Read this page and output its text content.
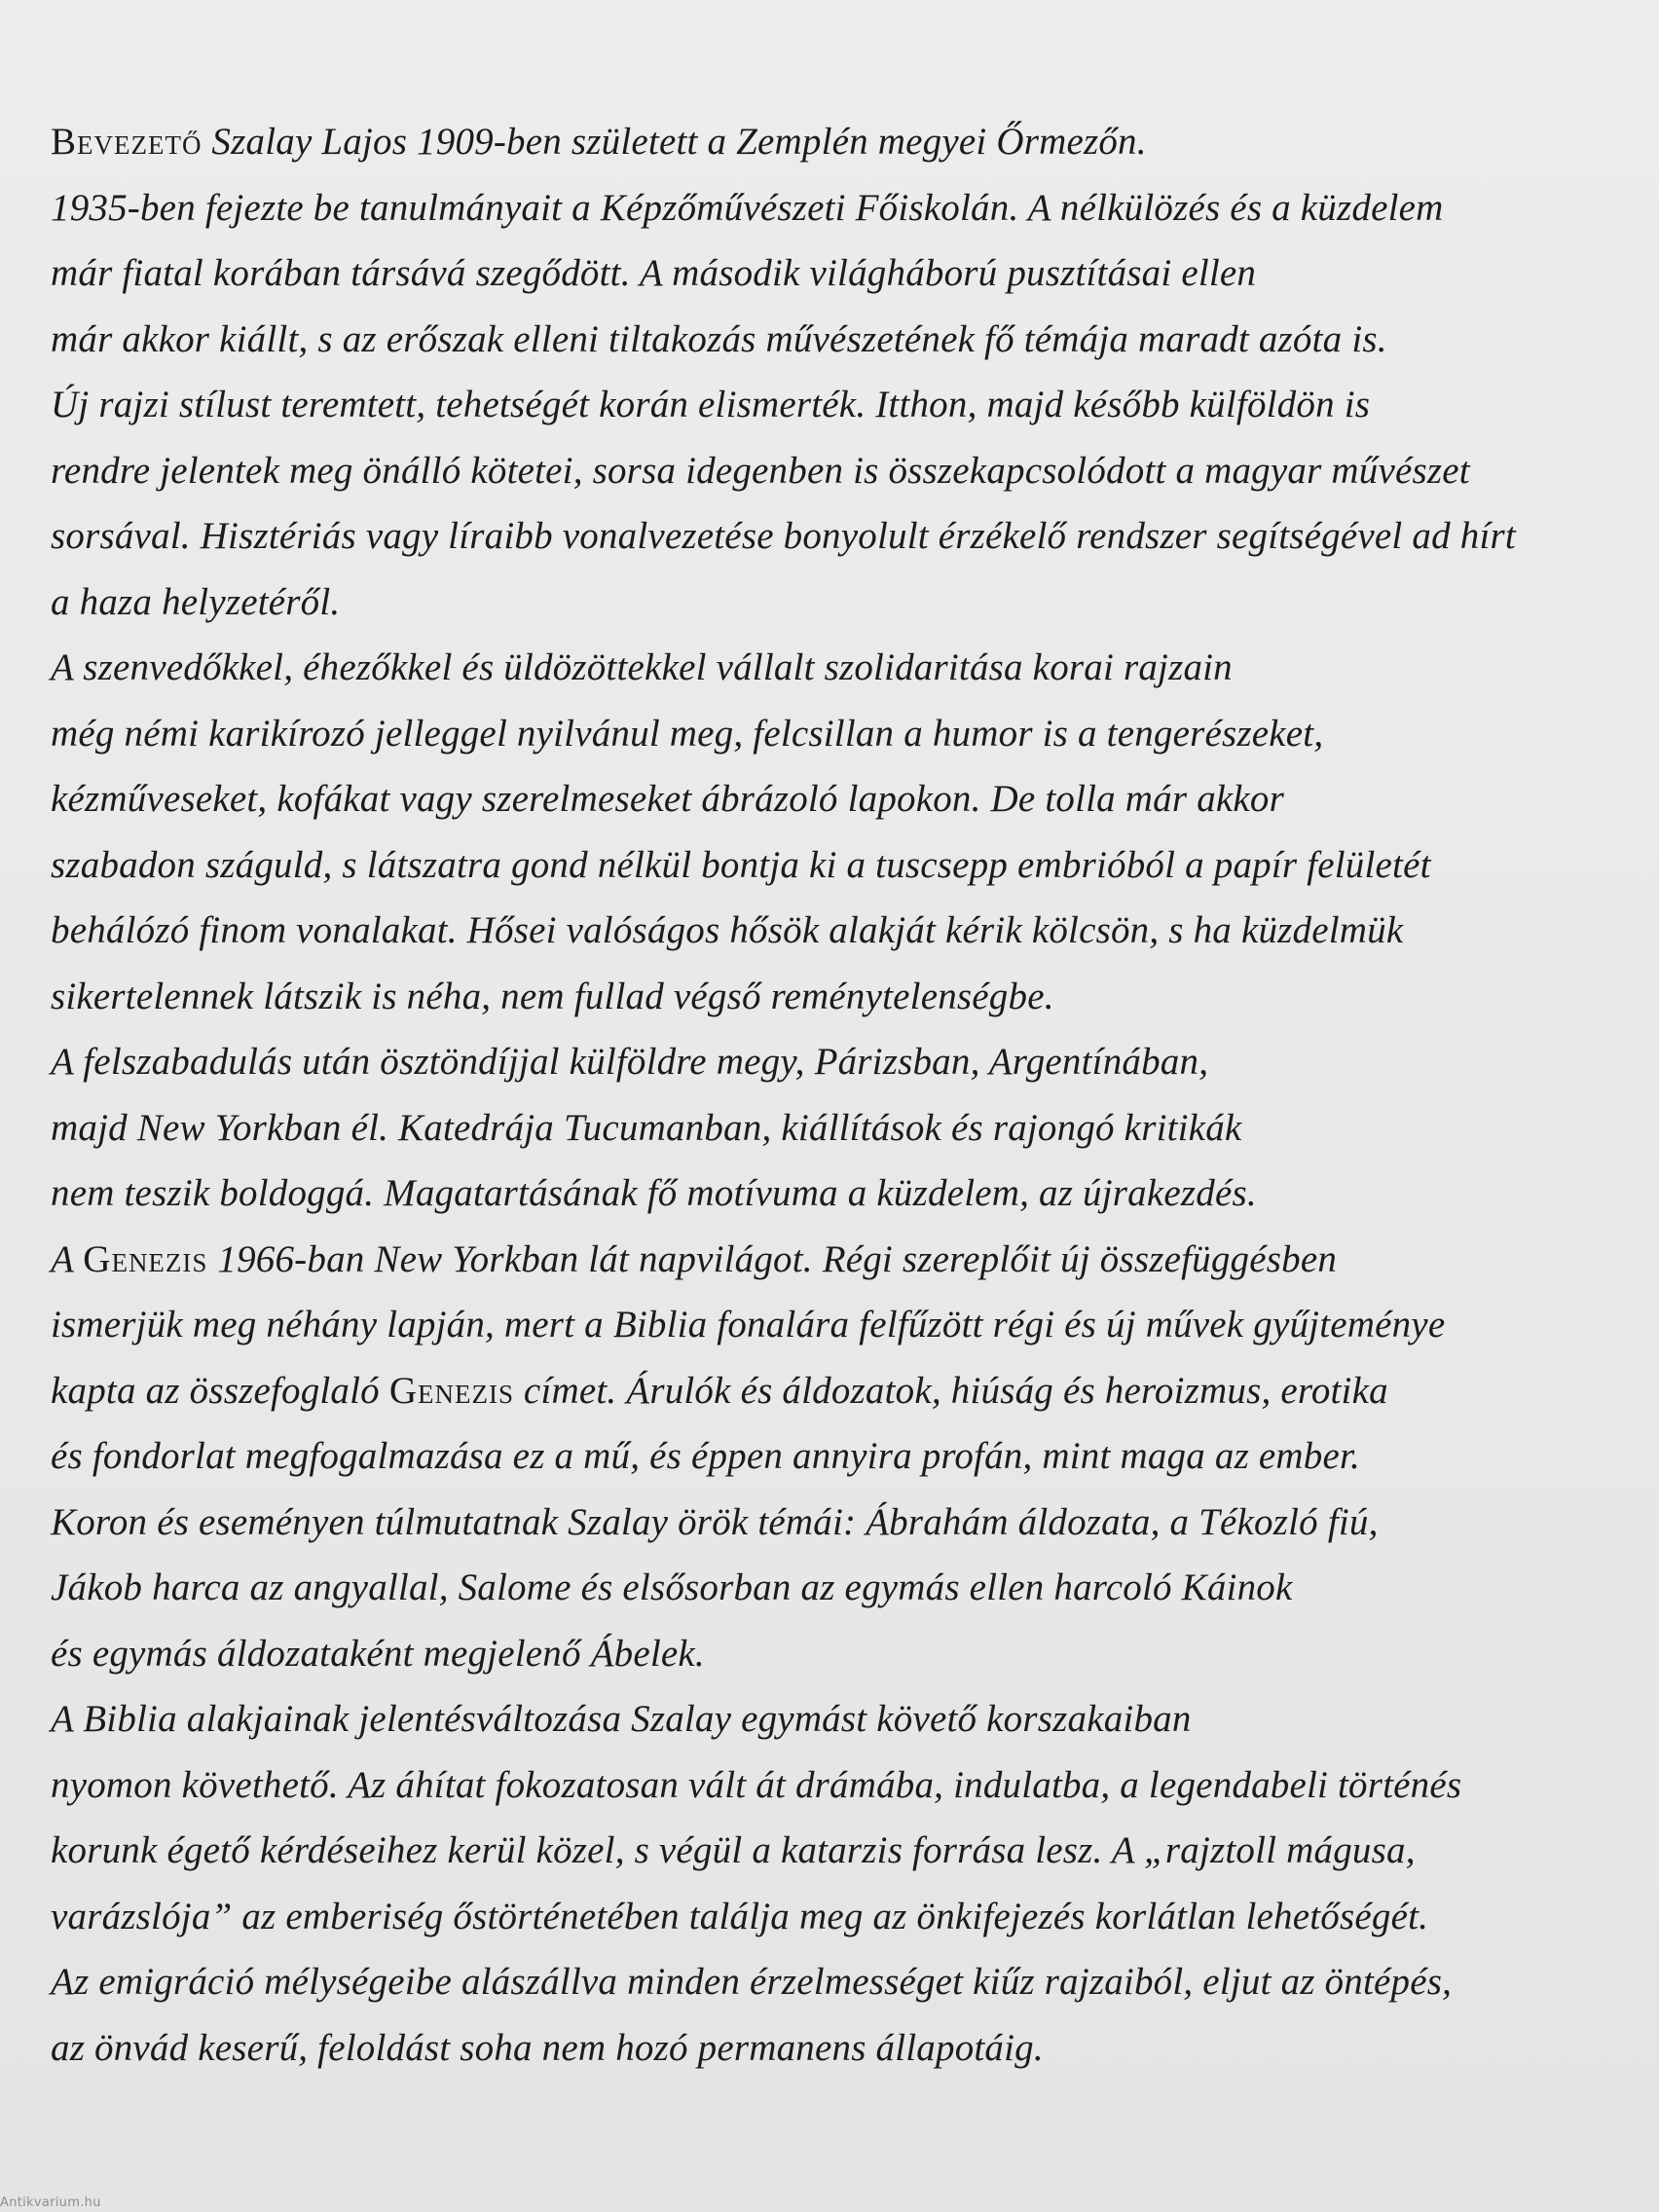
Bevezető Szalay Lajos 1909-ben született a Zemplén megyei Őrmezőn.
1935-ben fejezte be tanulmányait a Képzőművészeti Főiskolán. A nélkülözés és a küzdelem
már fiatal korában társává szegődött. A második világháború pusztításai ellen
már akkor kiállt, s az erőszak elleni tiltakozás művészetének fő témája maradt azóta is.
Új rajzi stílust teremtett, tehetségét korán elismerték. Itthon, majd később külföldön is
rendre jelentek meg önálló kötetei, sorsa idegenben is összekapcsolódott a magyar művészet
sorsával. Hisztériás vagy líraibb vonalvezetése bonyolult érzékelő rendszer segítségével ad hírt
a haza helyzetéről.
A szenvedőkkel, éhezőkkel és üldözöttekkel vállalt szolidaritása korai rajzain
még némi karikírozó jelleggel nyilvánul meg, felcsillan a humor is a tengerészeket,
kézműveseket, kofákat vagy szerelmeseket ábrázoló lapokon. De tolla már akkor
szabadon száguld, s látszatra gond nélkül bontja ki a tuscsepp embrióból a papír felületét
behálózó finom vonalakat. Hősei valóságos hősök alakját kérik kölcsön, s ha küzdelmük
sikertelennek látszik is néha, nem fullad végső reménytelenségbe.
A felszabadulás után ösztöndíjjal külföldre megy, Párizsban, Argentínában,
majd New Yorkban él. Katedrája Tucumanban, kiállítások és rajongó kritikák
nem teszik boldoggá. Magatartásának fő motívuma a küzdelem, az újrakezdés.
A Genezis 1966-ban New Yorkban lát napvilágot. Régi szereplőit új összefüggésben
ismerjük meg néhány lapján, mert a Biblia fonalára felfűzött régi és új művek gyűjteménye
kapta az összefoglaló Genezis címet. Árulók és áldozatok, hiúság és heroizmus, erotika
és fondorlat megfogalmazása ez a mű, és éppen annyira profán, mint maga az ember.
Koron és eseményen túlmutatnak Szalay örök témái: Ábrahám áldozata, a Tékozló fiú,
Jákob harca az angyallal, Salome és elsősorban az egymás ellen harcoló Káinok
és egymás áldozataként megjelenő Ábelek.
A Biblia alakjainak jelentésváltozása Szalay egymást követő korszakaiban
nyomon követhető. Az áhítat fokozatosan vált át drámába, indulatba, a legendabeli történés
korunk égető kérdéseihez kerül közel, s végül a katarzis forrása lesz. A „rajztoll mágusa,
varázslója” az emberiség őstörténetében találja meg az önkifejezés korlátlan lehetőségét.
Az emigráció mélységeibe alászállva minden érzelmességet kiűz rajzaiból, eljut az öntépés,
az önvád keserű, feloldást soha nem hozó permanens állapotáig.
Antikvarium.hu
